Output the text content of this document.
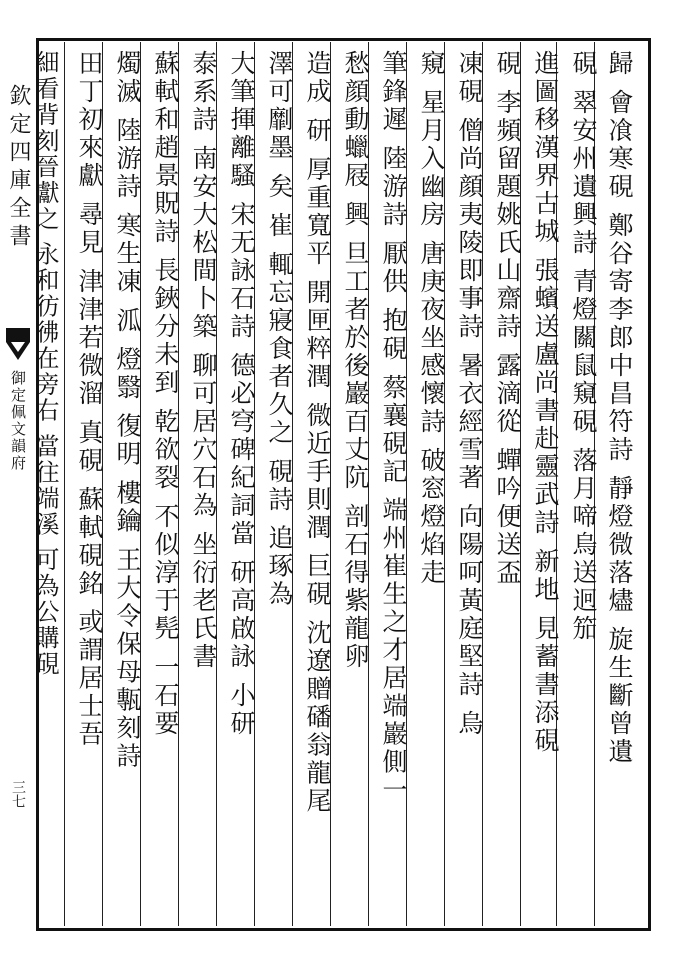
欽定四庫全書
御定佩文韻府
三七
歸 會飡寒硯 鄭谷寄李郎中昌符詩 靜燈微落燼 旋生斷曾遺
硯 翠安州遺興詩 青燈關鼠窺硯 落月啼烏送迥笳
進圖移漢界古城 張蠙送盧尚書赴靈武詩 新地 見蓄書添硯
硯 李頻留題姚氏山齋詩 露滴從 蟬吟便送盃
凍硯 僧尚顔夷陵即事詩 暑衣經雪著 向陽呵黃庭堅詩 烏
窺 星月入幽房 唐庚夜坐感懷詩 破窓燈焰走
筆鋒遲 陸游詩 厭供 抱硯 蔡襄硯記 端州崔生之才居端巖側一
愁顔動蠟屐 興 旦工者於後巖百丈阬 剖石得紫龍卵
造成 研 厚重寬平 開匣粹潤 微近手則潤 巨硯 沈遼贈磻翁龍尾
澤可劘墨 矣 崔 輒忘寢食者久之 硯詩 追琢為
大筆揮離騷 宋无詠石詩 德必穹碑紀詞當 研高啟詠 小研
泰系詩 南安大松間卜築 聊可居穴石為 坐衍老氏書
蘇軾和趙景貺詩 長鋏分未到 乾欲裂 不似淳于髡 一石要
燭滅 陸游詩 寒生凍 泒 燈翳 復明 樓鑰 王大令保母甎刻詩
田丁初來獻 尋見 津津若微溜 真硯 蘇軾硯銘 或謂居士吾
細看背刻晉獻之 永和彷彿在旁右 當往端溪 可為公購硯
